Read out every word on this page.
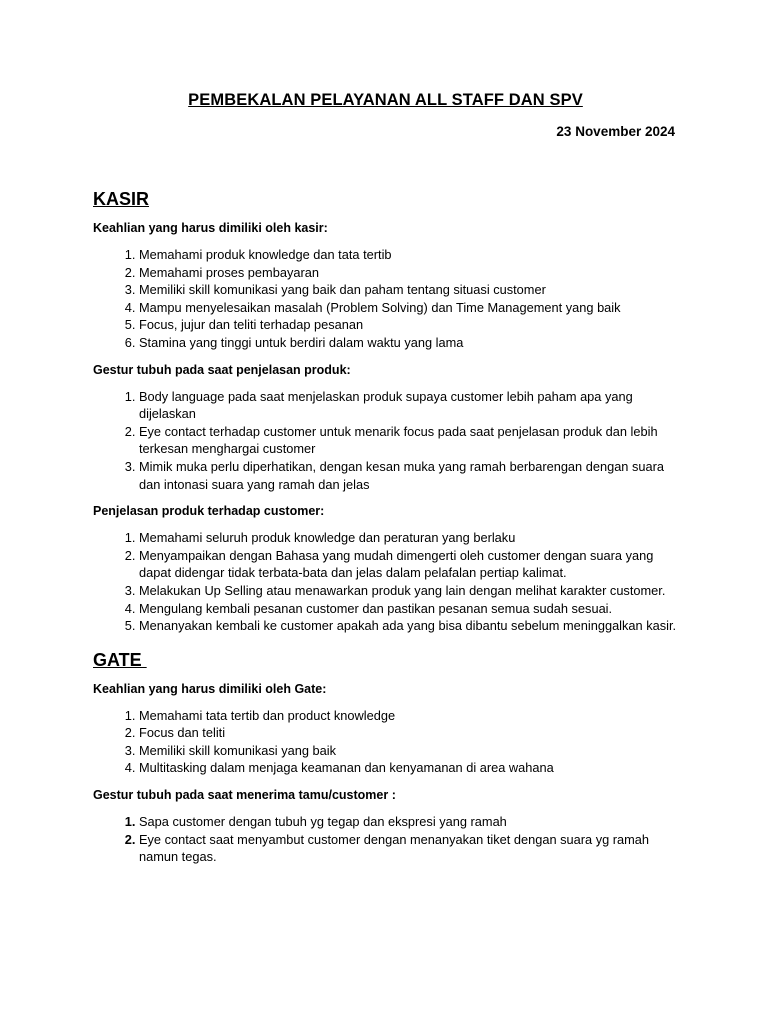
PEMBEKALAN PELAYANAN ALL STAFF DAN SPV
23 November 2024
KASIR
Keahlian yang harus dimiliki oleh kasir:
1. Memahami produk knowledge dan tata tertib
2. Memahami proses pembayaran
3. Memiliki skill komunikasi yang baik dan paham tentang situasi customer
4. Mampu menyelesaikan masalah (Problem Solving) dan Time Management yang baik
5. Focus, jujur dan teliti terhadap pesanan
6. Stamina yang tinggi untuk berdiri dalam waktu yang lama
Gestur tubuh pada saat penjelasan produk:
1. Body language pada saat menjelaskan produk supaya customer lebih paham apa yang dijelaskan
2. Eye contact terhadap customer untuk menarik focus pada saat penjelasan produk dan lebih terkesan menghargai customer
3. Mimik muka perlu diperhatikan, dengan kesan muka yang ramah berbarengan dengan suara dan intonasi suara yang ramah dan jelas
Penjelasan produk terhadap customer:
1. Memahami seluruh produk knowledge dan peraturan yang berlaku
2. Menyampaikan dengan Bahasa yang mudah dimengerti oleh customer dengan suara yang dapat didengar tidak terbata-bata dan jelas dalam pelafalan pertiap kalimat.
3. Melakukan Up Selling atau menawarkan produk yang lain dengan melihat karakter customer.
4. Mengulang kembali pesanan customer dan pastikan pesanan semua sudah sesuai.
5. Menanyakan kembali ke customer apakah ada yang bisa dibantu sebelum meninggalkan kasir.
GATE
Keahlian yang harus dimiliki oleh Gate:
1. Memahami tata tertib dan product knowledge
2. Focus dan teliti
3. Memiliki skill komunikasi yang baik
4. Multitasking dalam menjaga keamanan dan kenyamanan di area wahana
Gestur tubuh pada saat menerima tamu/customer :
1. Sapa customer dengan tubuh yg tegap dan ekspresi yang ramah
2. Eye contact saat menyambut customer dengan menanyakan tiket dengan suara yg ramah namun tegas.
